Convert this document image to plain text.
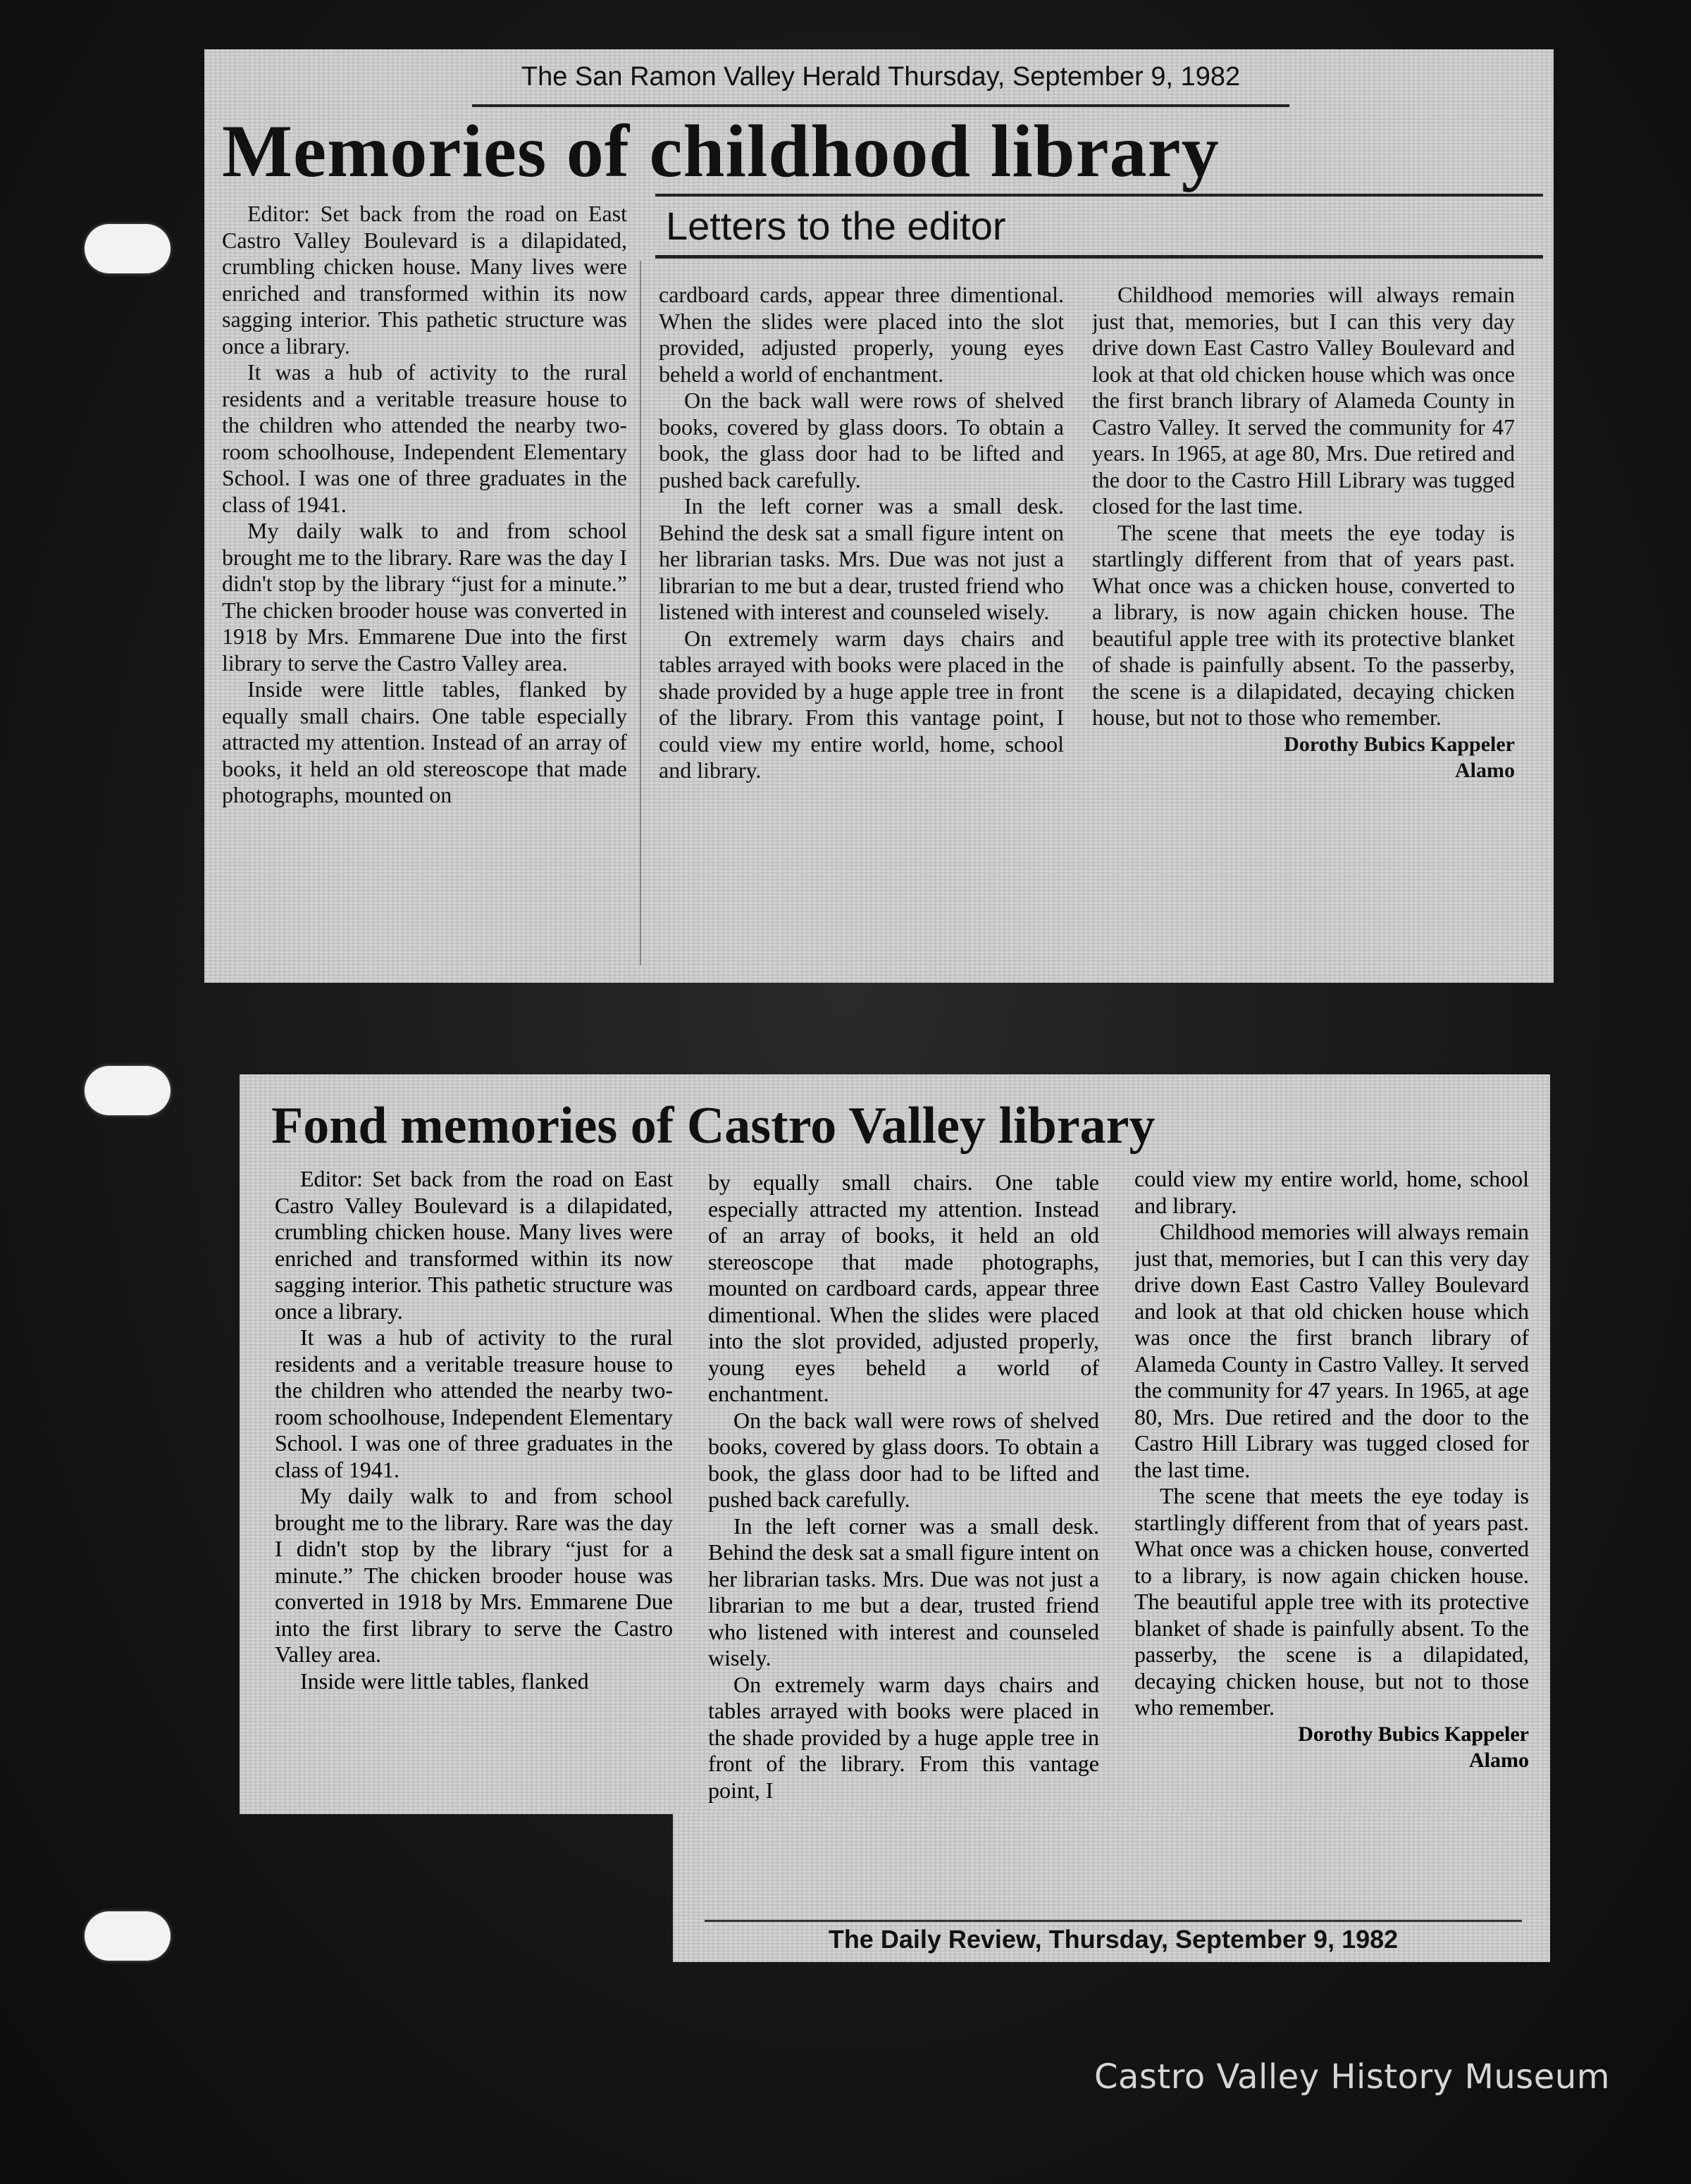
The San Ramon Valley Herald Thursday, September 9, 1982
Memories of childhood library
Letters to the editor

Editor: Set back from the road on East Castro Valley Boulevard is a dilapidated, crumbling chicken house. Many lives were enriched and transformed within its now sagging interior. This pathetic structure was once a library.

It was a hub of activity to the rural residents and a veritable treasure house to the children who attended the nearby two-room schoolhouse, Independent Elementary School. I was one of three graduates in the class of 1941.

My daily walk to and from school brought me to the library. Rare was the day I didn't stop by the library “just for a minute.” The chicken brooder house was converted in 1918 by Mrs. Emmarene Due into the first library to serve the Castro Valley area.

Inside were little tables, flanked by equally small chairs. One table especially attracted my attention. Instead of an array of books, it held an old stereoscope that made photographs, mounted on

cardboard cards, appear three dimentional. When the slides were placed into the slot provided, adjusted properly, young eyes beheld a world of enchantment.

On the back wall were rows of shelved books, covered by glass doors. To obtain a book, the glass door had to be lifted and pushed back carefully.

In the left corner was a small desk. Behind the desk sat a small figure intent on her librarian tasks. Mrs. Due was not just a librarian to me but a dear, trusted friend who listened with interest and counseled wisely.

On extremely warm days chairs and tables arrayed with books were placed in the shade provided by a huge apple tree in front of the library. From this vantage point, I could view my entire world, home, school and library.

Childhood memories will always remain just that, memories, but I can this very day drive down East Castro Valley Boulevard and look at that old chicken house which was once the first branch library of Alameda County in Castro Valley. It served the community for 47 years. In 1965, at age 80, Mrs. Due retired and the door to the Castro Hill Library was tugged closed for the last time.

The scene that meets the eye today is startlingly different from that of years past. What once was a chicken house, converted to a library, is now again chicken house. The beautiful apple tree with its protective blanket of shade is painfully absent. To the passerby, the scene is a dilapidated, decaying chicken house, but not to those who remember.

Dorothy Bubics Kappeler
Alamo
Fond memories of Castro Valley library

Editor: Set back from the road on East Castro Valley Boulevard is a dilapidated, crumbling chicken house. Many lives were enriched and transformed within its now sagging interior. This pathetic structure was once a library.

It was a hub of activity to the rural residents and a veritable treasure house to the children who attended the nearby two-room schoolhouse, Independent Elementary School. I was one of three graduates in the class of 1941.

My daily walk to and from school brought me to the library. Rare was the day I didn't stop by the library “just for a minute.” The chicken brooder house was converted in 1918 by Mrs. Emmarene Due into the first library to serve the Castro Valley area.

Inside were little tables, flanked

by equally small chairs. One table especially attracted my attention. Instead of an array of books, it held an old stereoscope that made photographs, mounted on cardboard cards, appear three dimentional. When the slides were placed into the slot provided, adjusted properly, young eyes beheld a world of enchantment.

On the back wall were rows of shelved books, covered by glass doors. To obtain a book, the glass door had to be lifted and pushed back carefully.

In the left corner was a small desk. Behind the desk sat a small figure intent on her librarian tasks. Mrs. Due was not just a librarian to me but a dear, trusted friend who listened with interest and counseled wisely.

On extremely warm days chairs and tables arrayed with books were placed in the shade provided by a huge apple tree in front of the library. From this vantage point, I

could view my entire world, home, school and library.

Childhood memories will always remain just that, memories, but I can this very day drive down East Castro Valley Boulevard and look at that old chicken house which was once the first branch library of Alameda County in Castro Valley. It served the community for 47 years. In 1965, at age 80, Mrs. Due retired and the door to the Castro Hill Library was tugged closed for the last time.

The scene that meets the eye today is startlingly different from that of years past. What once was a chicken house, converted to a library, is now again chicken house. The beautiful apple tree with its protective blanket of shade is painfully absent. To the passerby, the scene is a dilapidated, decaying chicken house, but not to those who remember.

Dorothy Bubics Kappeler
Alamo
The Daily Review, Thursday, September 9, 1982
Castro Valley History Museum
